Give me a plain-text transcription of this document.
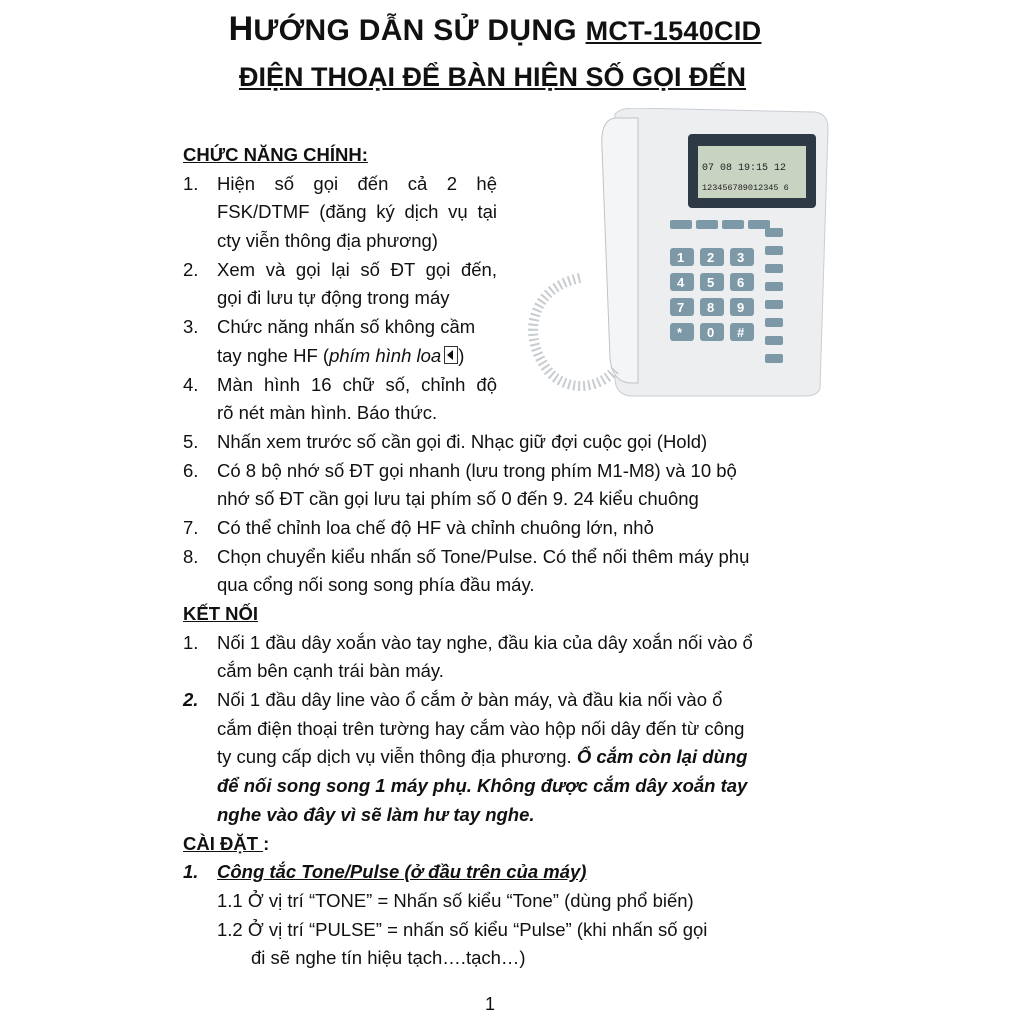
HƯỚNG DẪN SỬ DỤNG MCT-1540CID
ĐIỆN THOẠI ĐỂ BÀN HIỆN SỐ GỌI ĐẾN
07 08 19:15 12
123456789012345 6
1 2 3
4 5 6
7 8 9
* 0 #
CHỨC NĂNG CHÍNH:
1. Hiện số gọi đến cả 2 hệ
FSK/DTMF (đăng ký dịch vụ tại
cty viễn thông địa phương)
2. Xem và gọi lại số ĐT gọi đến,
gọi đi lưu tự động trong máy
3. Chức năng nhấn số không cầm
tay nghe HF (phím hình loa )
4. Màn hình 16 chữ số, chỉnh độ
rõ nét màn hình. Báo thức.
5. Nhấn xem trước số cần gọi đi. Nhạc giữ đợi cuộc gọi (Hold)
6. Có 8 bộ nhớ số ĐT gọi nhanh (lưu trong phím M1-M8) và 10 bộ
nhớ số ĐT cần gọi lưu tại phím số 0 đến 9. 24 kiểu chuông
7. Có thể chỉnh loa chế độ HF và chỉnh chuông lớn, nhỏ
8. Chọn chuyển kiểu nhấn số Tone/Pulse. Có thể nối thêm máy phụ
qua cổng nối song song phía đầu máy.
KẾT NỐI
1. Nối 1 đầu dây xoắn vào tay nghe, đầu kia của dây xoắn nối vào ổ
cắm bên cạnh trái bàn máy.
2. Nối 1 đầu dây line vào ổ cắm ở bàn máy, và đầu kia nối vào ổ
cắm điện thoại trên tường hay cắm vào hộp nối dây đến từ công
ty cung cấp dịch vụ viễn thông địa phương. Ổ cắm còn lại dùng
để nối song song 1 máy phụ. Không được cắm dây xoắn tay
nghe vào đây vì sẽ làm hư tay nghe.
CÀI ĐẶT :
1. Công tắc Tone/Pulse (ở đầu trên của máy)
1.1 Ở vị trí “TONE” = Nhấn số kiểu “Tone” (dùng phổ biến)
1.2 Ở vị trí “PULSE” = nhấn số kiểu “Pulse” (khi nhấn số gọi
đi sẽ nghe tín hiệu tạch….tạch…)
1
